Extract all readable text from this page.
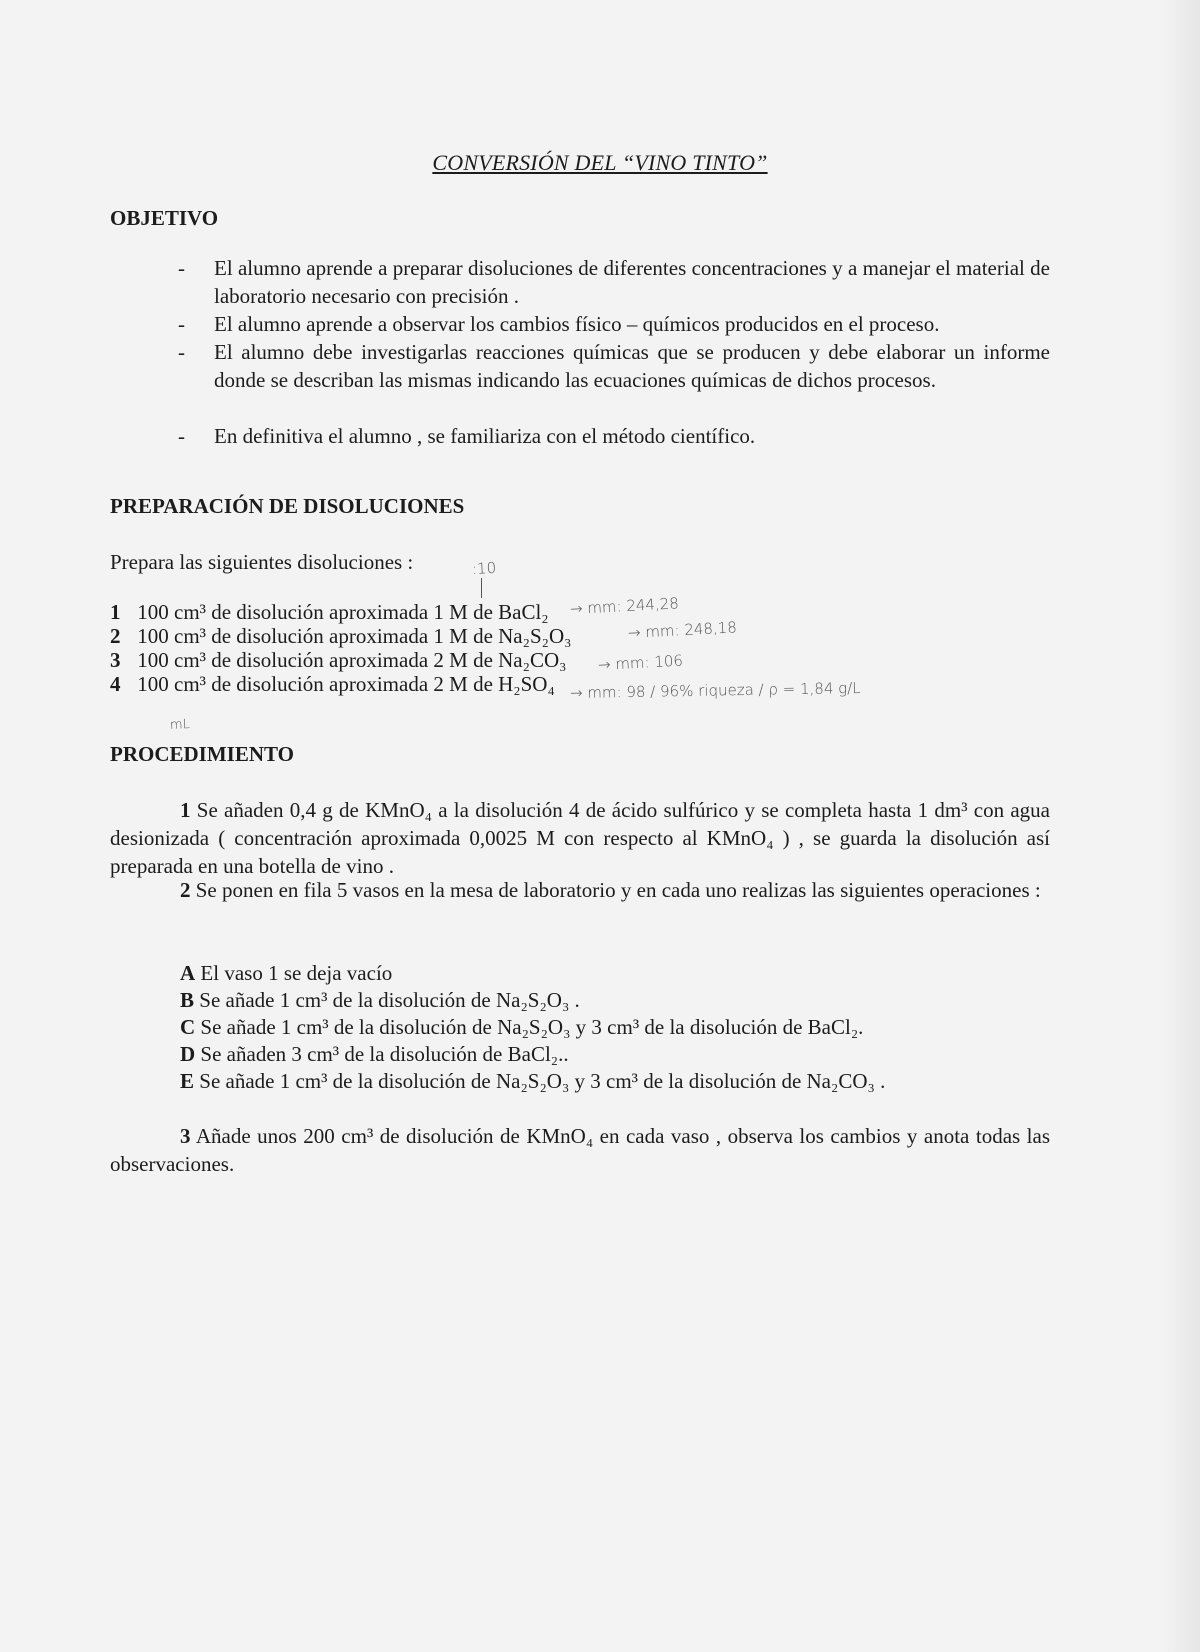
CONVERSIÓN DEL “VINO TINTO”
OBJETIVO
- El alumno aprende a preparar disoluciones de diferentes concentraciones y a manejar el material de laboratorio necesario con precisión .
- El alumno aprende a observar los cambios físico – químicos producidos en el proceso.
- El alumno debe investigarlas reacciones químicas que se producen y debe elaborar un informe donde se describan las mismas indicando las ecuaciones químicas de dichos procesos.
- En definitiva el alumno , se familiariza con el método científico.
PREPARACIÓN DE DISOLUCIONES
Prepara las siguientes disoluciones :	:10
1 100 cm³ de disolución aproximada 1 M de BaCl₂
2 100 cm³ de disolución aproximada 1 M de Na₂S₂O₃
3 100 cm³ de disolución aproximada 2 M de Na₂CO₃
4 100 cm³ de disolución aproximada 2 M de H₂SO₄
→ mm: 244,28
→ mm: 248,18
→ mm: 106
→ mm: 98 / 96% riqueza / ρ = 1,84 g/L
mL
PROCEDIMIENTO
1 Se añaden 0,4 g de KMnO₄ a la disolución 4 de ácido sulfúrico y se completa hasta 1 dm³ con agua desionizada ( concentración aproximada 0,0025 M con respecto al KMnO₄ ) , se guarda la disolución así preparada en una botella de vino .
2 Se ponen en fila 5 vasos en la mesa de laboratorio y en cada uno realizas las siguientes operaciones :
A El vaso 1 se deja vacío
B Se añade 1 cm³ de la disolución de Na₂S₂O₃ .
C Se añade 1 cm³ de la disolución de Na₂S₂O₃ y 3 cm³ de la disolución de BaCl₂.
D Se añaden 3 cm³ de la disolución de BaCl₂..
E Se añade 1 cm³ de la disolución de Na₂S₂O₃ y 3 cm³ de la disolución de Na₂CO₃ .
3 Añade unos 200 cm³ de disolución de KMnO₄ en cada vaso , observa los cambios y anota todas las observaciones.
